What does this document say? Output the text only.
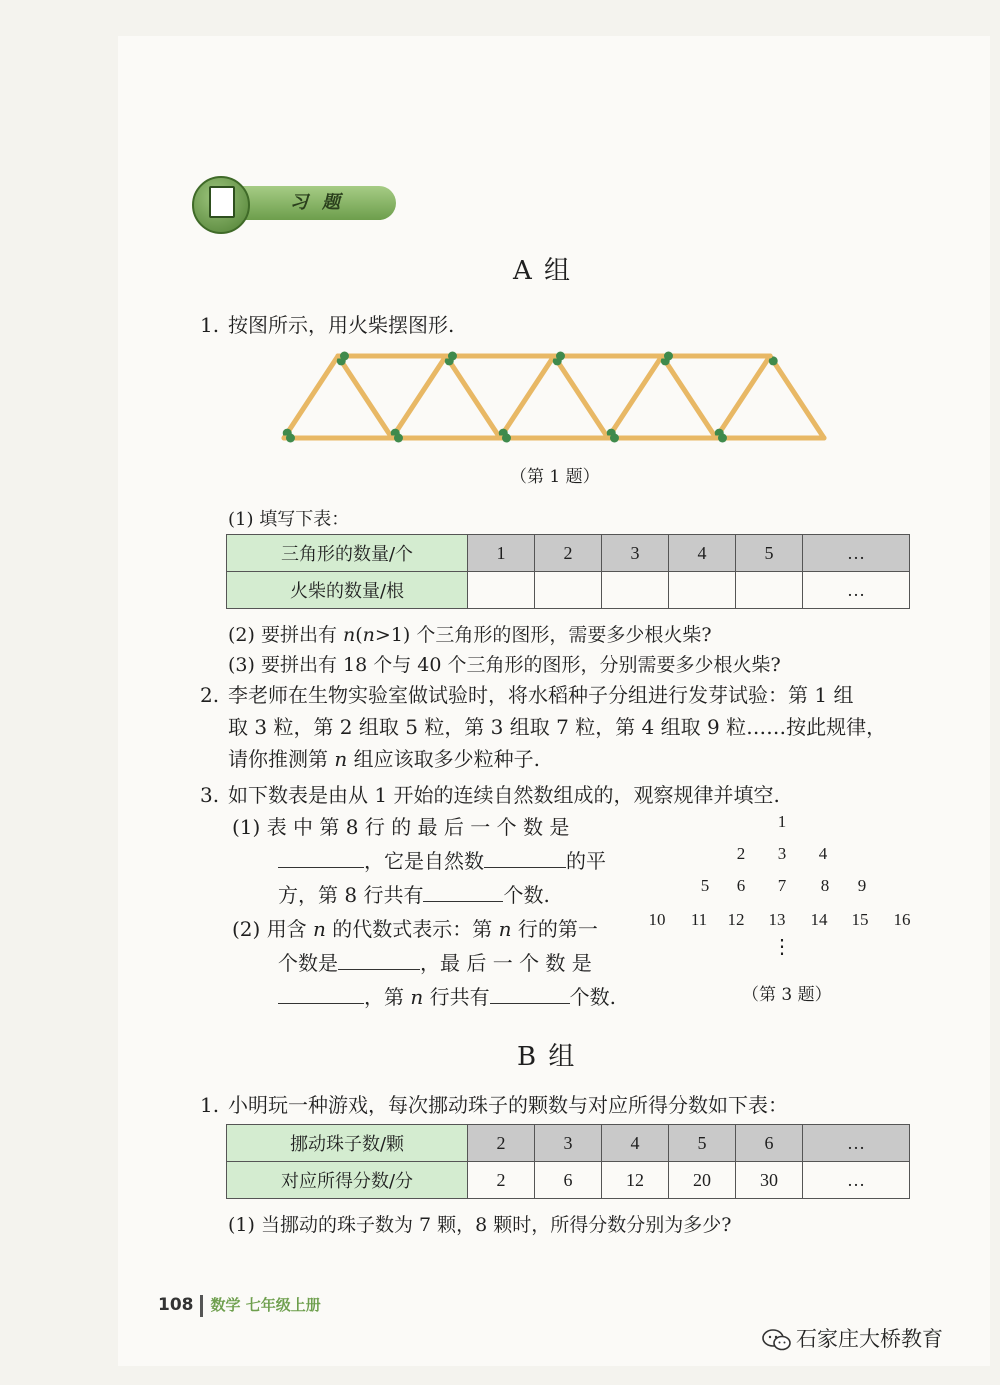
习题
A 组
1. 按图所示，用火柴摆图形.
（第 1 题）
(1) 填写下表：
三角形的数量/个	1	2	3	4	5	…
火柴的数量/根						…
(2) 要拼出有 n(n>1) 个三角形的图形，需要多少根火柴?
(3) 要拼出有 18 个与 40 个三角形的图形，分别需要多少根火柴?
2. 李老师在生物实验室做试验时，将水稻种子分组进行发芽试验：第 1 组
取 3 粒，第 2 组取 5 粒，第 3 组取 7 粒，第 4 组取 9 粒……按此规律，
请你推测第 n 组应该取多少粒种子.
3. 如下数表是由从 1 开始的连续自然数组成的，观察规律并填空.
(1) 表 中 第 8 行 的 最 后 一 个 数 是
，它是自然数	的平
方，第 8 行共有	个数.
(2) 用含 n 的代数式表示：第 n 行的第一
个数是	，最 后 一 个 数 是
，第 n 行共有	个数.
1
2	3	4
5	6	7	8	9
10	11	12	13	14	15	16
⋮
（第 3 题）
B 组
1. 小明玩一种游戏，每次挪动珠子的颗数与对应所得分数如下表：
挪动珠子数/颗	2	3	4	5	6	…
对应所得分数/分	2	6	12	20	30	…
(1) 当挪动的珠子数为 7 颗，8 颗时，所得分数分别为多少?
108 数学 七年级上册
石家庄大桥教育
